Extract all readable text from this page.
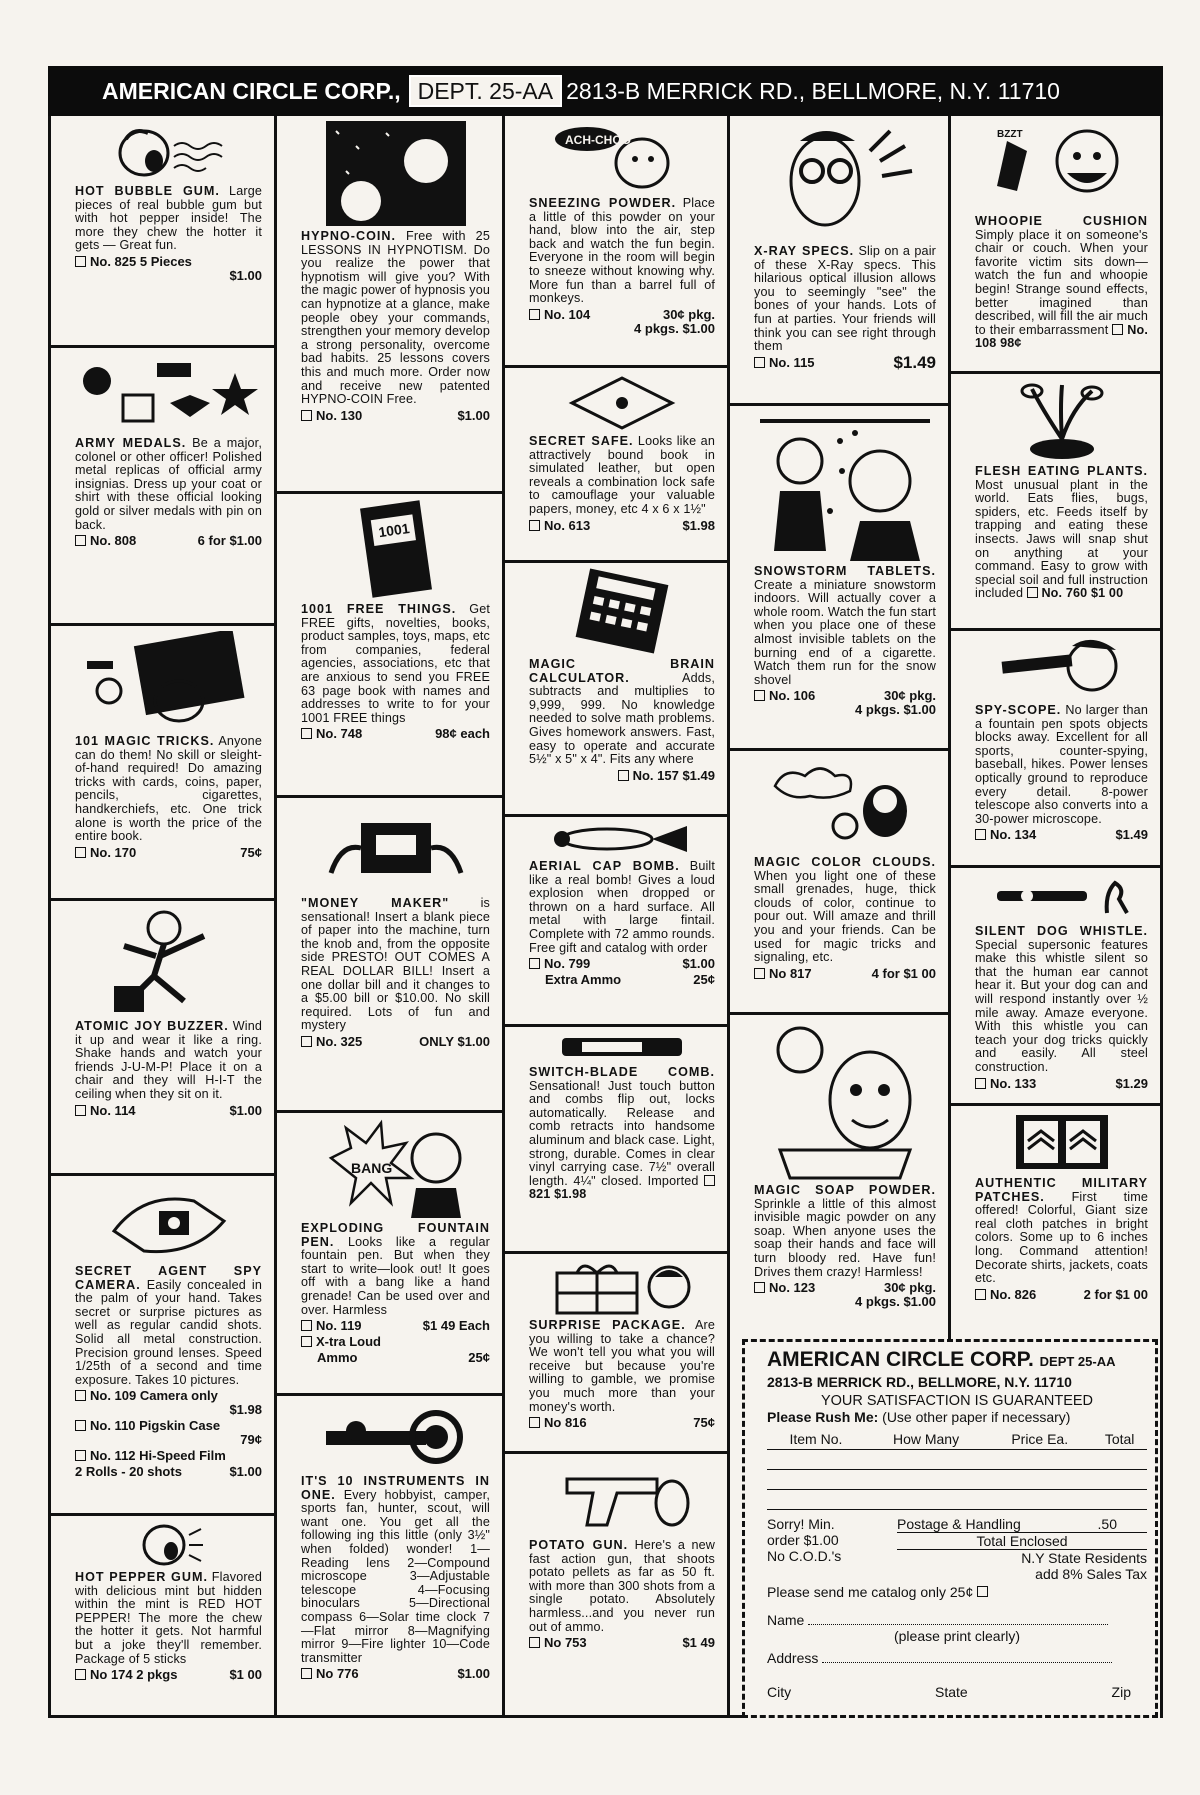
AMERICAN CIRCLE CORP., DEPT. 25-AA 2813-B MERRICK RD., BELLMORE, N.Y. 11710
HOT BUBBLE GUM. Large pieces of real bubble gum but with hot pepper inside! The more they chew the hotter it gets — Great fun.
No. 825 5 Pieces
$1.00
ARMY MEDALS. Be a major, colonel or other officer! Polished metal replicas of official army insignias. Dress up your coat or shirt with these official looking gold or silver medals with pin on back.
No. 808	6 for $1.00
101 MAGIC TRICKS. Anyone can do them! No skill or sleight-of-hand required! Do amazing tricks with cards, coins, paper, pencils, cigarettes, handkerchiefs, etc. One trick alone is worth the price of the entire book.
No. 170	75¢
ATOMIC JOY BUZZER. Wind it up and wear it like a ring. Shake hands and watch your friends J-U-M-P! Place it on a chair and they will H-I-T the ceiling when they sit on it.
No. 114	$1.00
SECRET AGENT SPY CAMERA. Easily concealed in the palm of your hand. Takes secret or surprise pictures as well as regular candid shots. Solid all metal construction. Precision ground lenses. Speed 1/25th of a second and time exposure. Takes 10 pictures.
No. 109 Camera only
$1.98
No. 110 Pigskin Case
79¢
No. 112 Hi-Speed Film
2 Rolls - 20 shots	$1.00
HOT PEPPER GUM. Flavored with delicious mint but hidden within the mint is RED HOT PEPPER! The more the chew the hotter it gets. Not harmful but a joke they'll remember. Package of 5 sticks
No 174 2 pkgs	$1 00
HYPNO-COIN. Free with 25 LESSONS IN HYPNOTISM. Do you realize the power that hypnotism will give you? With the magic power of hypnosis you can hypnotize at a glance, make people obey your commands, strengthen your memory develop a strong personality, overcome bad habits. 25 lessons covers this and much more. Order now and receive new patented HYPNO-COIN Free.
No. 130	$1.00
1001
1001 FREE THINGS. Get FREE gifts, novelties, books, product samples, toys, maps, etc from companies, federal agencies, associations, etc that are anxious to send you FREE 63 page book with names and addresses to write to for your 1001 FREE things
No. 748	98¢ each
"MONEY MAKER" is sensational! Insert a blank piece of paper into the machine, turn the knob and, from the opposite side PRESTO! OUT COMES A REAL DOLLAR BILL! Insert a one dollar bill and it changes to a $5.00 bill or $10.00. No skill required. Lots of fun and mystery
No. 325	ONLY $1.00
BANG
EXPLODING FOUNTAIN PEN. Looks like a regular fountain pen. But when they start to write—look out! It goes off with a bang like a hand grenade! Can be used over and over. Harmless
No. 119	$1 49 Each
X-tra Loud
Ammo	25¢
IT'S 10 INSTRUMENTS IN ONE. Every hobbyist, camper, sports fan, hunter, scout, will want one. You get all the following ing this little (only 3½" when folded) wonder! 1—Reading lens 2—Compound microscope 3—Adjustable telescope 4—Focusing binoculars 5—Directional compass 6—Solar time clock 7—Flat mirror 8—Magnifying mirror 9—Fire lighter 10—Code transmitter
No 776	$1.00
ACH-CHOO
SNEEZING POWDER. Place a little of this powder on your hand, blow into the air, step back and watch the fun begin. Everyone in the room will begin to sneeze without knowing why. More fun than a barrel full of monkeys.
No. 104	30¢ pkg.
4 pkgs. $1.00
SECRET SAFE. Looks like an attractively bound book in simulated leather, but open reveals a combination lock safe to camouflage your valuable papers, money, etc 4 x 6 x 1½"
No. 613	$1.98
MAGIC BRAIN CALCULATOR.	Adds, subtracts and multiplies to 9,999, 999. No knowledge needed to solve math problems. Gives homework answers. Fast, easy to operate and accurate 5½" x 5" x 4". Fits any where
No. 157 $1.49
AERIAL CAP BOMB. Built like a real bomb! Gives a loud explosion when dropped or thrown on a hard surface. All metal with large fintail. Complete with 72 ammo rounds. Free gift and catalog with order
No. 799	$1.00
Extra Ammo	25¢
SWITCH-BLADE COMB. Sensational! Just touch button and combs flip out, locks automatically. Release and comb retracts into handsome aluminum and black case. Light, strong, durable. Comes in clear vinyl carrying case. 7½" overall length. 4¼" closed. Imported  821 $1.98
SURPRISE PACKAGE. Are you willing to take a chance? We won't tell you what you will receive but because you're willing to gamble, we promise you much more than your money's worth.
No 816	75¢
POTATO GUN. Here's a new fast action gun, that shoots potato pellets as far as 50 ft. with more than 300 shots from a single potato. Absolutely harmless...and you never run out of ammo.
No 753	$1 49
X-RAY SPECS. Slip on a pair of these X-Ray specs. This hilarious optical illusion allows you to seemingly "see" the bones of your hands. Lots of fun at parties. Your friends will think you can see right through them
No. 115	$1.49
SNOWSTORM TABLETS. Create a miniature snowstorm indoors. Will actually cover a whole room. Watch the fun start when you place one of these almost invisible tablets on the burning end of a cigarette. Watch them run for the snow shovel
No. 106	30¢ pkg.
4 pkgs. $1.00
MAGIC COLOR CLOUDS. When you light one of these small grenades, huge, thick clouds of color, continue to pour out. Will amaze and thrill you and your friends. Can be used for magic tricks and signaling, etc.
No 817	4 for $1 00
MAGIC SOAP POWDER. Sprinkle a little of this almost invisible magic powder on any soap. When anyone uses the soap their hands and face will turn bloody red. Have fun! Drives them crazy! Harmless!
No. 123	30¢ pkg.
4 pkgs. $1.00
BZZT
WHOOPIE CUSHION Simply place it on someone's chair or couch. When your favorite victim sits down—watch the fun and whoopie begin! Strange sound effects, better imagined than described, will fill the air much to their embarrassment No. 108 98¢
FLESH EATING PLANTS. Most unusual plant in the world. Eats flies, bugs, spiders, etc. Feeds itself by trapping and eating these insects. Jaws will snap shut on anything at your command. Easy to grow with special soil and full instruction included No. 760 $1 00
SPY-SCOPE. No larger than a fountain pen spots objects blocks away. Excellent for all sports, counter-spying, baseball, hikes. Power lenses optically ground to reproduce every detail. 8-power telescope also converts into a 30-power microscope.
No. 134	$1.49
SILENT DOG WHISTLE. Special supersonic features make this whistle silent so that the human ear cannot hear it. But your dog can and will respond instantly over ½ mile away. Amaze everyone. With this whistle you can teach your dog tricks quickly and easily. All steel construction.
No. 133	$1.29
AUTHENTIC MILITARY PATCHES. First time offered! Colorful, Giant size real cloth patches in bright colors. Some up to 6 inches long. Command attention! Decorate shirts, jackets, coats etc.
No. 826	2 for $1 00
AMERICAN CIRCLE CORP. DEPT 25-AA
2813-B MERRICK RD., BELLMORE, N.Y. 11710
YOUR SATISFACTION IS GUARANTEED
Please Rush Me: (Use other paper if necessary)
Item No.	How Many	Price Ea.	Total

Sorry! Min.
order $1.00
No C.O.D.'s
Postage & Handling	.50
Total Enclosed
N.Y State Residents
add 8% Sales Tax
Please send me catalog only 25¢
Name
(please print clearly)
Address
City	State	Zip
